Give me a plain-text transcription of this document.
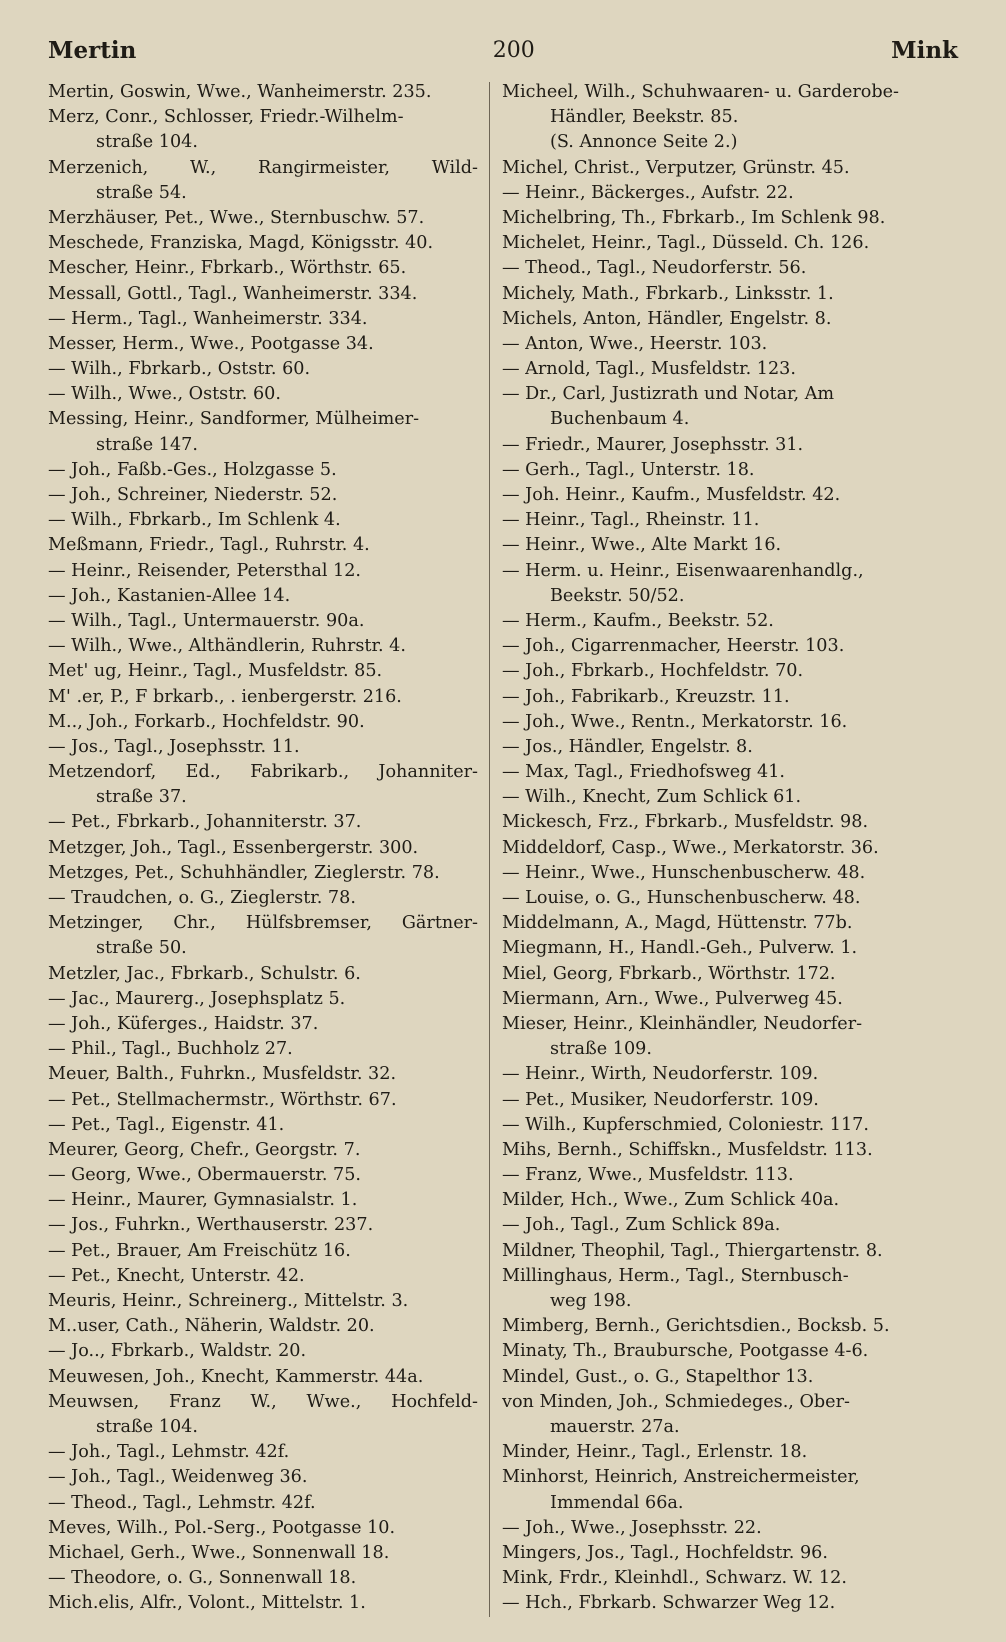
Mertin	200	Mink
Mertin, Goswin, Wwe., Wanheimerstr. 235.
Merz, Conr., Schlosser, Friedr.-Wilhelm-
straße 104.
Merzenich, W., Rangirmeister, Wild-
straße 54.
Merzhäuser, Pet., Wwe., Sternbuschw. 57.
Meschede, Franziska, Magd, Königsstr. 40.
Mescher, Heinr., Fbrkarb., Wörthstr. 65.
Messall, Gottl., Tagl., Wanheimerstr. 334.
— Herm., Tagl., Wanheimerstr. 334.
Messer, Herm., Wwe., Pootgasse 34.
— Wilh., Fbrkarb., Oststr. 60.
— Wilh., Wwe., Oststr. 60.
Messing, Heinr., Sandformer, Mülheimer-
straße 147.
— Joh., Faßb.-Ges., Holzgasse 5.
— Joh., Schreiner, Niederstr. 52.
— Wilh., Fbrkarb., Im Schlenk 4.
Meßmann, Friedr., Tagl., Ruhrstr. 4.
— Heinr., Reisender, Petersthal 12.
— Joh., Kastanien-Allee 14.
— Wilh., Tagl., Untermauerstr. 90a.
— Wilh., Wwe., Althändlerin, Ruhrstr. 4.
Met' ug, Heinr., Tagl., Musfeldstr. 85.
M' .er, P., F brkarb., . ienbergerstr. 216.
M.., Joh., Forkarb., Hochfeldstr. 90.
— Jos., Tagl., Josephsstr. 11.
Metzendorf, Ed., Fabrikarb., Johanniter-
straße 37.
— Pet., Fbrkarb., Johanniterstr. 37.
Metzger, Joh., Tagl., Essenbergerstr. 300.
Metzges, Pet., Schuhhändler, Zieglerstr. 78.
— Traudchen, o. G., Zieglerstr. 78.
Metzinger, Chr., Hülfsbremser, Gärtner-
straße 50.
Metzler, Jac., Fbrkarb., Schulstr. 6.
— Jac., Maurerg., Josephsplatz 5.
— Joh., Küferges., Haidstr. 37.
— Phil., Tagl., Buchholz 27.
Meuer, Balth., Fuhrkn., Musfeldstr. 32.
— Pet., Stellmachermstr., Wörthstr. 67.
— Pet., Tagl., Eigenstr. 41.
Meurer, Georg, Chefr., Georgstr. 7.
— Georg, Wwe., Obermauerstr. 75.
— Heinr., Maurer, Gymnasialstr. 1.
— Jos., Fuhrkn., Werthauserstr. 237.
— Pet., Brauer, Am Freischütz 16.
— Pet., Knecht, Unterstr. 42.
Meuris, Heinr., Schreinerg., Mittelstr. 3.
M..user, Cath., Näherin, Waldstr. 20.
— Jo.., Fbrkarb., Waldstr. 20.
Meuwesen, Joh., Knecht, Kammerstr. 44a.
Meuwsen, Franz W., Wwe., Hochfeld-
straße 104.
— Joh., Tagl., Lehmstr. 42f.
— Joh., Tagl., Weidenweg 36.
— Theod., Tagl., Lehmstr. 42f.
Meves, Wilh., Pol.-Serg., Pootgasse 10.
Michael, Gerh., Wwe., Sonnenwall 18.
— Theodore, o. G., Sonnenwall 18.
Mich.elis, Alfr., Volont., Mittelstr. 1.
Micheel, Wilh., Schuhwaaren- u. Garderobe-
Händler, Beekstr. 85.
(S. Annonce Seite 2.)
Michel, Christ., Verputzer, Grünstr. 45.
— Heinr., Bäckerges., Aufstr. 22.
Michelbring, Th., Fbrkarb., Im Schlenk 98.
Michelet, Heinr., Tagl., Düsseld. Ch. 126.
— Theod., Tagl., Neudorferstr. 56.
Michely, Math., Fbrkarb., Linksstr. 1.
Michels, Anton, Händler, Engelstr. 8.
— Anton, Wwe., Heerstr. 103.
— Arnold, Tagl., Musfeldstr. 123.
— Dr., Carl, Justizrath und Notar, Am
Buchenbaum 4.
— Friedr., Maurer, Josephsstr. 31.
— Gerh., Tagl., Unterstr. 18.
— Joh. Heinr., Kaufm., Musfeldstr. 42.
— Heinr., Tagl., Rheinstr. 11.
— Heinr., Wwe., Alte Markt 16.
— Herm. u. Heinr., Eisenwaarenhandlg.,
Beekstr. 50/52.
— Herm., Kaufm., Beekstr. 52.
— Joh., Cigarrenmacher, Heerstr. 103.
— Joh., Fbrkarb., Hochfeldstr. 70.
— Joh., Fabrikarb., Kreuzstr. 11.
— Joh., Wwe., Rentn., Merkatorstr. 16.
— Jos., Händler, Engelstr. 8.
— Max, Tagl., Friedhofsweg 41.
— Wilh., Knecht, Zum Schlick 61.
Mickesch, Frz., Fbrkarb., Musfeldstr. 98.
Middeldorf, Casp., Wwe., Merkatorstr. 36.
— Heinr., Wwe., Hunschenbuscherw. 48.
— Louise, o. G., Hunschenbuscherw. 48.
Middelmann, A., Magd, Hüttenstr. 77b.
Miegmann, H., Handl.-Geh., Pulverw. 1.
Miel, Georg, Fbrkarb., Wörthstr. 172.
Miermann, Arn., Wwe., Pulverweg 45.
Mieser, Heinr., Kleinhändler, Neudorfer-
straße 109.
— Heinr., Wirth, Neudorferstr. 109.
— Pet., Musiker, Neudorferstr. 109.
— Wilh., Kupferschmied, Coloniestr. 117.
Mihs, Bernh., Schiffskn., Musfeldstr. 113.
— Franz, Wwe., Musfeldstr. 113.
Milder, Hch., Wwe., Zum Schlick 40a.
— Joh., Tagl., Zum Schlick 89a.
Mildner, Theophil, Tagl., Thiergartenstr. 8.
Millinghaus, Herm., Tagl., Sternbusch-
weg 198.
Mimberg, Bernh., Gerichtsdien., Bocksb. 5.
Minaty, Th., Braubursche, Pootgasse 4-6.
Mindel, Gust., o. G., Stapelthor 13.
von Minden, Joh., Schmiedeges., Ober-
mauerstr. 27a.
Minder, Heinr., Tagl., Erlenstr. 18.
Minhorst, Heinrich, Anstreichermeister,
Immendal 66a.
— Joh., Wwe., Josephsstr. 22.
Mingers, Jos., Tagl., Hochfeldstr. 96.
Mink, Frdr., Kleinhdl., Schwarz. W. 12.
— Hch., Fbrkarb. Schwarzer Weg 12.
